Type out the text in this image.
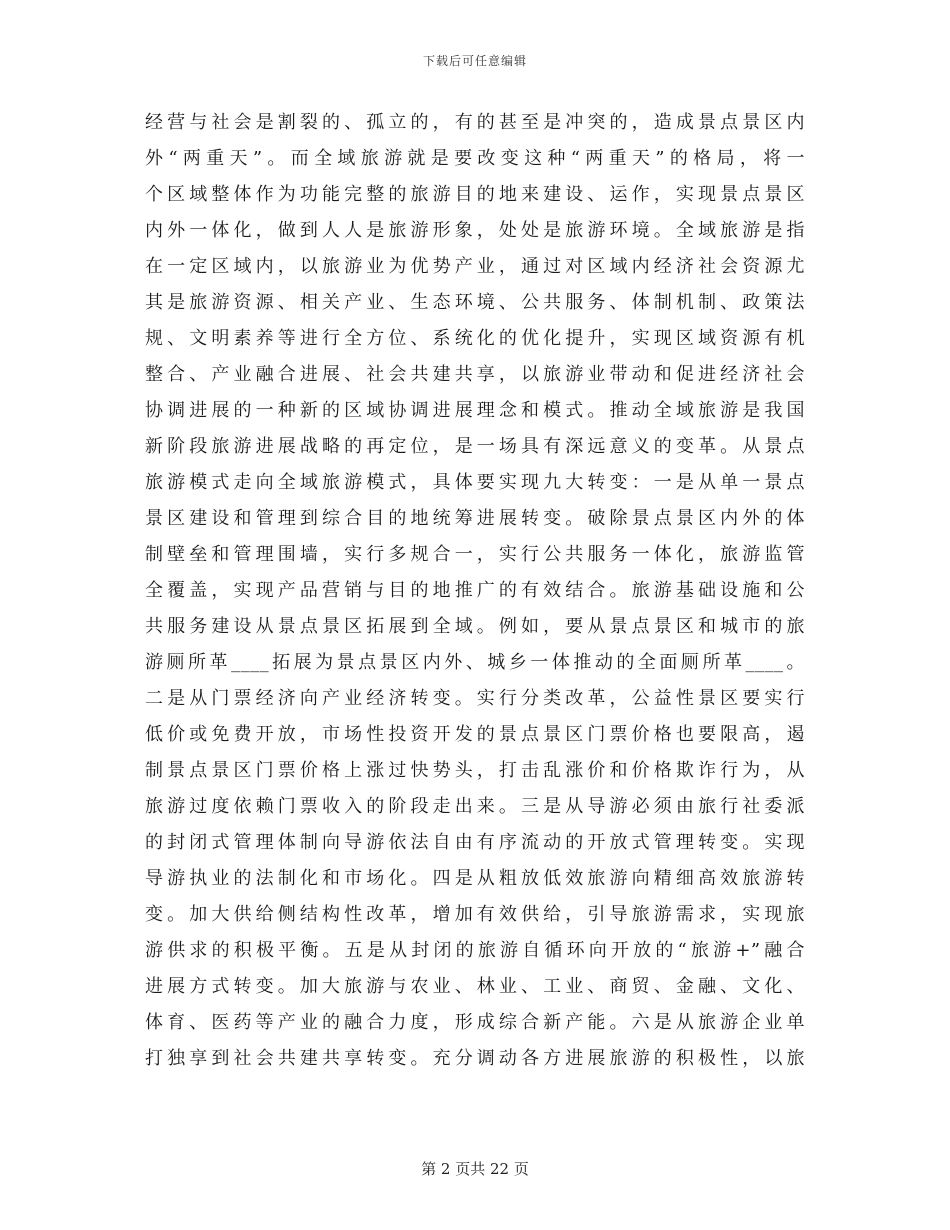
下载后可任意编辑
经营与社会是割裂的、孤立的，有的甚至是冲突的，造成景点景区内
外“两重天”。而全域旅游就是要改变这种“两重天”的格局，将一
个区域整体作为功能完整的旅游目的地来建设、运作，实现景点景区
内外一体化，做到人人是旅游形象，处处是旅游环境。全域旅游是指
在一定区域内，以旅游业为优势产业，通过对区域内经济社会资源尤
其是旅游资源、相关产业、生态环境、公共服务、体制机制、政策法
规、文明素养等进行全方位、系统化的优化提升，实现区域资源有机
整合、产业融合进展、社会共建共享，以旅游业带动和促进经济社会
协调进展的一种新的区域协调进展理念和模式。推动全域旅游是我国
新阶段旅游进展战略的再定位，是一场具有深远意义的变革。从景点
旅游模式走向全域旅游模式，具体要实现九大转变：一是从单一景点
景区建设和管理到综合目的地统筹进展转变。破除景点景区内外的体
制壁垒和管理围墙，实行多规合一，实行公共服务一体化，旅游监管
全覆盖，实现产品营销与目的地推广的有效结合。旅游基础设施和公
共服务建设从景点景区拓展到全域。例如，要从景点景区和城市的旅
游厕所革____拓展为景点景区内外、城乡一体推动的全面厕所革____。
二是从门票经济向产业经济转变。实行分类改革，公益性景区要实行
低价或免费开放，市场性投资开发的景点景区门票价格也要限高，遏
制景点景区门票价格上涨过快势头，打击乱涨价和价格欺诈行为，从
旅游过度依赖门票收入的阶段走出来。三是从导游必须由旅行社委派
的封闭式管理体制向导游依法自由有序流动的开放式管理转变。实现
导游执业的法制化和市场化。四是从粗放低效旅游向精细高效旅游转
变。加大供给侧结构性改革，增加有效供给，引导旅游需求，实现旅
游供求的积极平衡。五是从封闭的旅游自循环向开放的“旅游+”融合
进展方式转变。加大旅游与农业、林业、工业、商贸、金融、文化、
体育、医药等产业的融合力度，形成综合新产能。六是从旅游企业单
打独享到社会共建共享转变。充分调动各方进展旅游的积极性，以旅
第 2 页共 22 页
